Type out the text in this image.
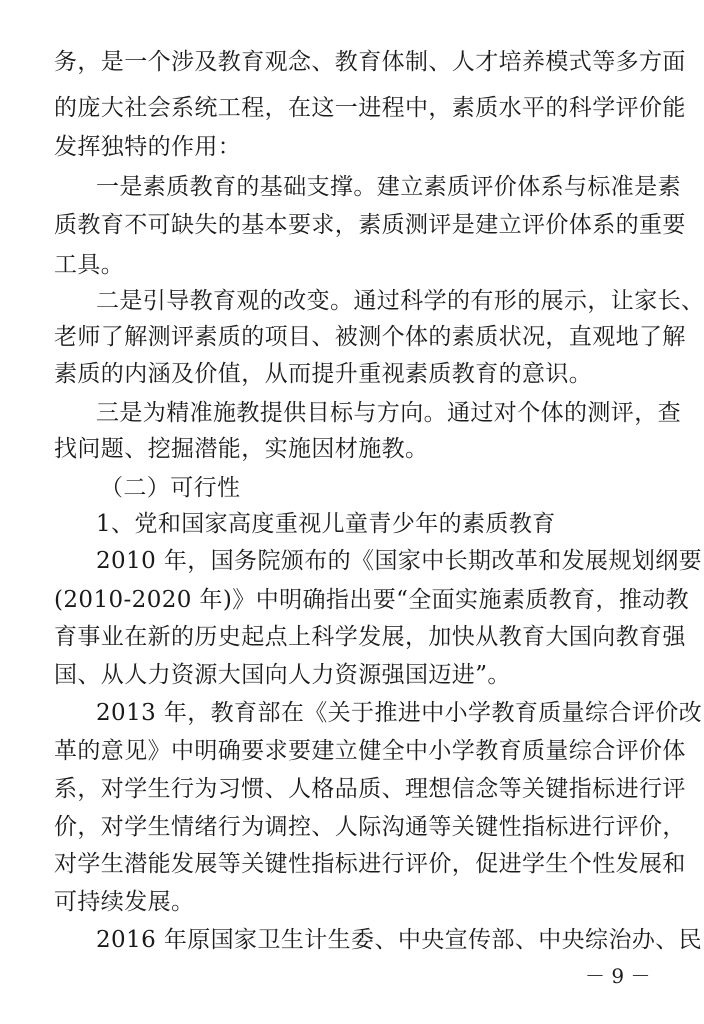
务，是一个涉及教育观念、教育体制、人才培养模式等多方面
的庞大社会系统工程，在这一进程中，素质水平的科学评价能
发挥独特的作用：
一是素质教育的基础支撑。建立素质评价体系与标准是素
质教育不可缺失的基本要求，素质测评是建立评价体系的重要
工具。
二是引导教育观的改变。通过科学的有形的展示，让家长、
老师了解测评素质的项目、被测个体的素质状况，直观地了解
素质的内涵及价值，从而提升重视素质教育的意识。
三是为精准施教提供目标与方向。通过对个体的测评，查
找问题、挖掘潜能，实施因材施教。
（二）可行性
1、党和国家高度重视儿童青少年的素质教育
2010 年，国务院颁布的《国家中长期改革和发展规划纲要
(2010-2020 年)》中明确指出要“全面实施素质教育，推动教
育事业在新的历史起点上科学发展，加快从教育大国向教育强
国、从人力资源大国向人力资源强国迈进”。
2013 年，教育部在《关于推进中小学教育质量综合评价改
革的意见》中明确要求要建立健全中小学教育质量综合评价体
系，对学生行为习惯、人格品质、理想信念等关键指标进行评
价，对学生情绪行为调控、人际沟通等关键性指标进行评价，
对学生潜能发展等关键性指标进行评价，促进学生个性发展和
可持续发展。
2016 年原国家卫生计生委、中央宣传部、中央综治办、民
－ 9 －
